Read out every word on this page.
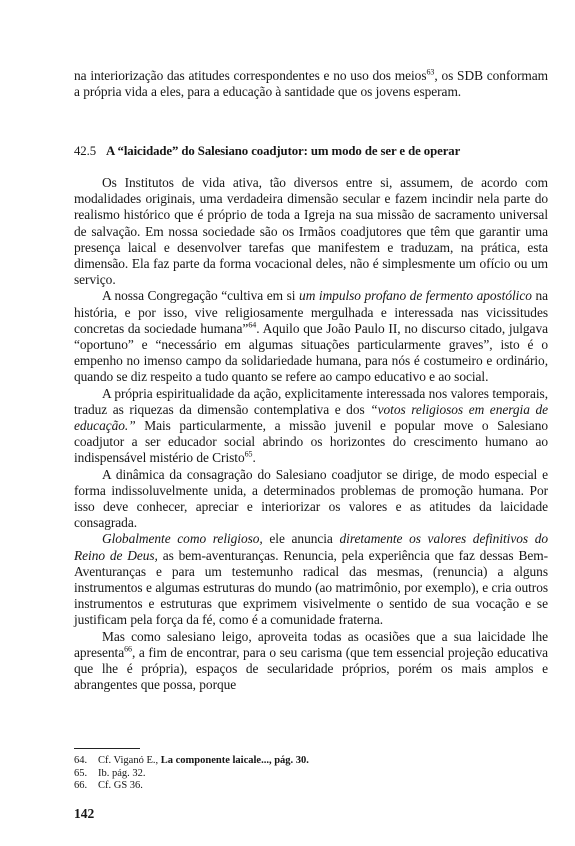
na interiorização das atitudes correspondentes e no uso dos meios$^{63}$, os SDB conformam a própria vida a eles, para a educação à santidade que os jovens esperam.

42.5 A “laicidade” do Salesiano coadjutor: um modo de ser e de operar

Os Institutos de vida ativa, tão diversos entre si, assumem, de acordo com modalidades originais, uma verdadeira dimensão secular e fazem incindir nela parte do realismo histórico que é próprio de toda a Igreja na sua missão de sacramento universal de salvação. Em nossa sociedade são os Irmãos coadjutores que têm que garantir uma presença laical e desenvolver tarefas que manifestem e traduzam, na prática, esta dimensão. Ela faz parte da forma vocacional deles, não é simplesmente um ofício ou um serviço.

A nossa Congregação “cultiva em si um impulso profano de fermento apostólico na história, e por isso, vive religiosamente mergulhada e interessada nas vicissitudes concretas da sociedade humana”$^{64}$. Aquilo que João Paulo II, no discurso citado, julgava “oportuno” e “necessário em algumas situações particularmente graves”, isto é o empenho no imenso campo da solidariedade humana, para nós é costumeiro e ordinário, quando se diz respeito a tudo quanto se refere ao campo educativo e ao social.

A própria espiritualidade da ação, explicitamente interessada nos valores temporais, traduz as riquezas da dimensão contemplativa e dos “votos religiosos em energia de educação.” Mais particularmente, a missão juvenil e popular move o Salesiano coadjutor a ser educador social abrindo os horizontes do crescimento humano ao indispensável mistério de Cristo$^{65}$.

A dinâmica da consagração do Salesiano coadjutor se dirige, de modo especial e forma indissoluvelmente unida, a determinados problemas de promoção humana. Por isso deve conhecer, apreciar e interiorizar os valores e as atitudes da laicidade consagrada.

Globalmente como religioso, ele anuncia diretamente os valores definitivos do Reino de Deus, as bem-aventuranças. Renuncia, pela experiência que faz dessas Bem-Aventuranças e para um testemunho radical das mesmas, (renuncia) a alguns instrumentos e algumas estruturas do mundo (ao matrimônio, por exemplo), e cria outros instrumentos e estruturas que exprimem visivelmente o sentido de sua vocação e se justificam pela força da fé, como é a comunidade fraterna.

Mas como salesiano leigo, aproveita todas as ocasiões que a sua laicidade lhe apresenta$^{66}$, a fim de encontrar, para o seu carisma (que tem essencial projeção educativa que lhe é própria), espaços de secularidade próprios, porém os mais amplos e abrangentes que possa, porque

64.	Cf. Viganó E., La componente laicale..., pág. 30.
65.	Ib. pág. 32.
66.	Cf. GS 36.
142
